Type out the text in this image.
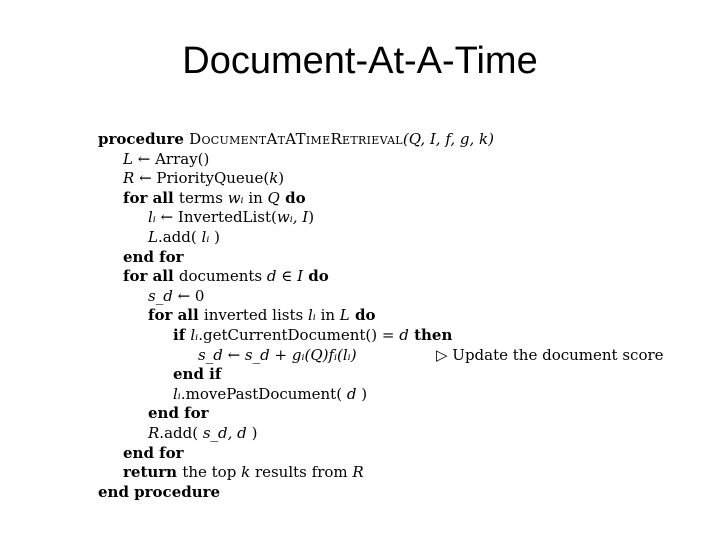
Document-At-A-Time
procedure DocumentAtATimeRetrieval(Q, I, f, g, k)
L ← Array()
R ← PriorityQueue(k)
for all terms wᵢ in Q do
lᵢ ← InvertedList(wᵢ, I)
L.add( lᵢ )
end for
for all documents d ∈ I do
s_d ← 0
for all inverted lists lᵢ in L do
if lᵢ.getCurrentDocument() = d then
s_d ← s_d + gᵢ(Q)fᵢ(lᵢ)	▷ Update the document score
end if
lᵢ.movePastDocument( d )
end for
R.add( s_d, d )
end for
return the top k results from R
end procedure
